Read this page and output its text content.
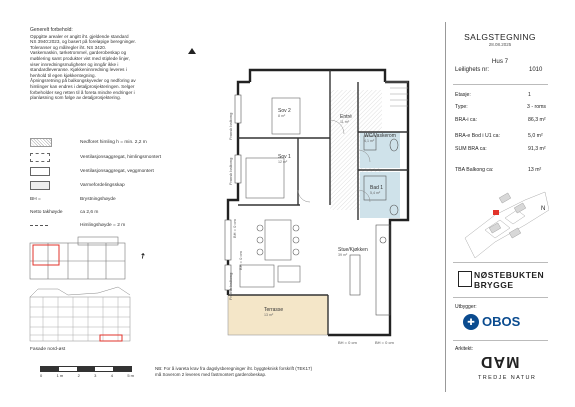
Generelt forbehold:
Oppgitte arealer er angitt iht. gjeldende standard
NS 3940:2023, og basert på foreløpige beregninger.
Toleranser og målregler iht. NS 3420.
Vaskemaskin, tørketrommel, garderobeskap og
møblering samt produkter vist med stiplede linjer,
viser innredningsmuligheter og inngår ikke i
standardleveranse. Kjøkkeninnredning leveres i
henhold til egen kjøkkentegning.
Åpningsretning på balkongskyveder og nedforing av
himlinger kan endres i detaljprosjekteringen. Selger
forbeholder seg retten til å foreta mindre endringer i
planløsning som følge av detaljprosjektering.
Nedforet himling h = min. 2,2 m
Ventilasjonsaggregat, himlingsmontert
Ventilasjonsaggregat, veggmontert
Varmefordelingsskap
BH =	Brystningshøyde
Netto takhøyde	ca 2,6 m
Himlingshøyde = 2 m
Fasade nord-øst
↗
0	1 m	2	3	4	5 m
NB: For å ivareta krav fra dagslysberegninger iht. byggteknisk forskrift (TEK17)
må Soverom 2 leveres med fastmontert garderobeskap.
Sov 2
8 m²
Sov 1
12 m²
Entré
11 m²
WC/Vaskerom
4,1 m²
Bad 1
5,4 m²
Stue/Kjøkken
39 m²
Terrasse
13 m²
Fransk balkong
Fransk balkong
BH = 0 cm
BH = 0 cm
Fransk balkong
BH = 0 cm	BH = 0 cm
SALGSTEGNING
28.08.2025
Hus 7
Leilighets nr:	1010
Etasje:	1
Type:	3 - roms
BRA-i ca:	86,3 m²
BRA-e Bod i U1 ca:	5,0 m²
SUM BRA ca:	91,3 m²
TBA Balkong ca:	13 m²
N
NØSTEBUKTEN
BRYGGE
Utbygger:
✚ OBOS
Arkitekt:
MAD
TREDJE NATUR
